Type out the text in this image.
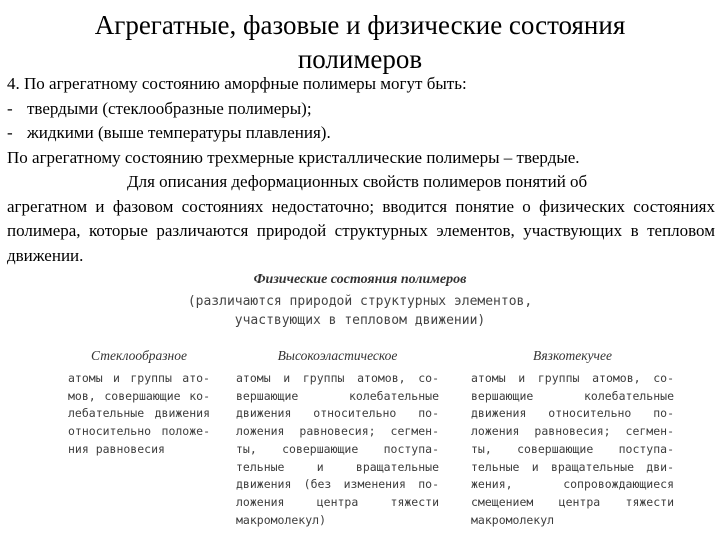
Агрегатные, фазовые и физические состояния
полимеров

4. По агрегатному состоянию аморфные полимеры могут быть:

- твердыми (стеклообразные полимеры);

- жидкими (выше температуры плавления).

По агрегатному состоянию трехмерные кристаллические полимеры – твердые.

Для описания деформационных свойств полимеров понятий об

агрегатном и фазовом состояниях недостаточно; вводится понятие о физических состояниях полимера, которые различаются природой структурных элементов, участвующих в тепловом движении.

Физические состояния полимеров
(различаются природой структурных элементов,
участвующих в тепловом движении)
Стеклообразное
атомы и группы ато-
мов, совершающие ко-
лебательные движения
относительно положе-
ния равновесия
Высокоэластическое
атомы и группы атомов, со-
вершающие колебательные
движения относительно по-
ложения равновесия; сегмен-
ты, совершающие поступа-
тельные и вращательные
движения (без изменения по-
ложения центра тяжести
макромолекул)
Вязкотекучее
атомы и группы атомов, со-
вершающие колебательные
движения относительно по-
ложения равновесия; сегмен-
ты, совершающие поступа-
тельные и вращательные дви-
жения, сопровождающиеся
смещением центра тяжести
макромолекул
